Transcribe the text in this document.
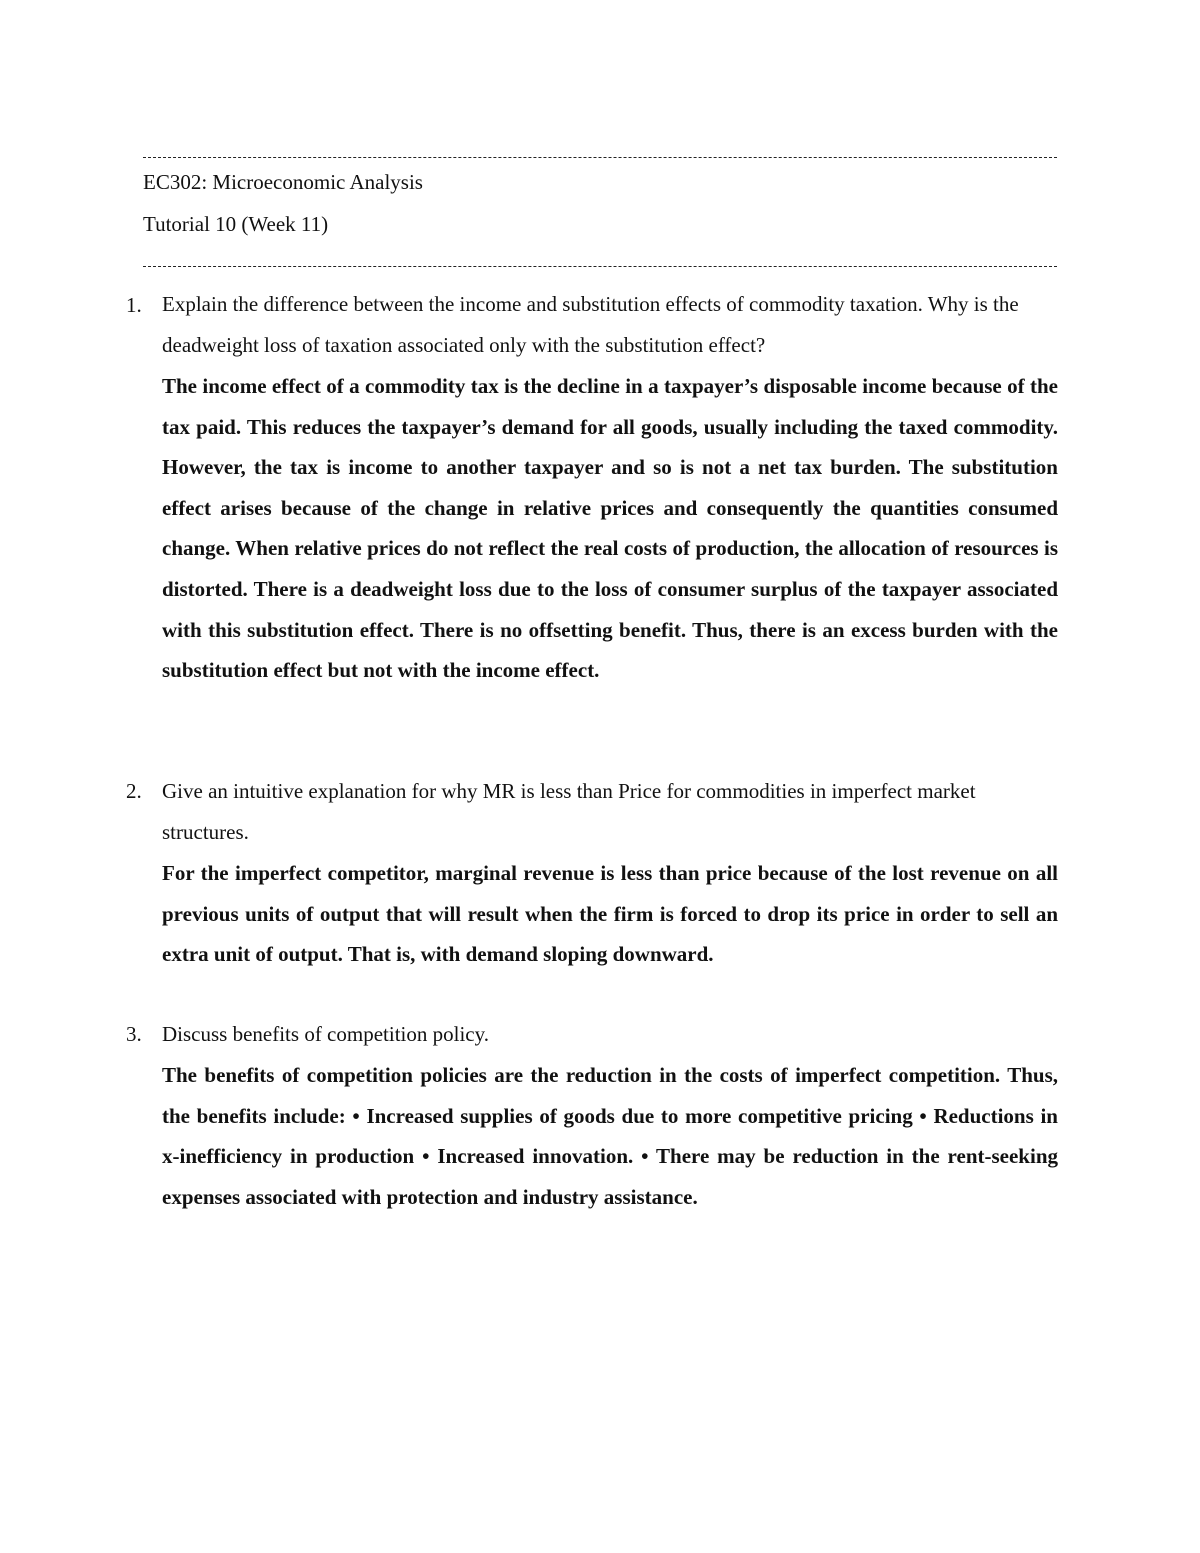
EC302: Microeconomic Analysis
Tutorial 10 (Week 11)
1. Explain the difference between the income and substitution effects of commodity taxation. Why is the deadweight loss of taxation associated only with the substitution effect?

The income effect of a commodity tax is the decline in a taxpayer’s disposable income because of the tax paid. This reduces the taxpayer’s demand for all goods, usually including the taxed commodity. However, the tax is income to another taxpayer and so is not a net tax burden. The substitution effect arises because of the change in relative prices and consequently the quantities consumed change. When relative prices do not reflect the real costs of production, the allocation of resources is distorted. There is a deadweight loss due to the loss of consumer surplus of the taxpayer associated with this substitution effect. There is no offsetting benefit. Thus, there is an excess burden with the substitution effect but not with the income effect.

2. Give an intuitive explanation for why MR is less than Price for commodities in imperfect market structures.

For the imperfect competitor, marginal revenue is less than price because of the lost revenue on all previous units of output that will result when the firm is forced to drop its price in order to sell an extra unit of output. That is, with demand sloping downward.

3. Discuss benefits of competition policy.

The benefits of competition policies are the reduction in the costs of imperfect competition. Thus, the benefits include: • Increased supplies of goods due to more competitive pricing • Reductions in x-inefficiency in production • Increased innovation. • There may be reduction in the rent-seeking expenses associated with protection and industry assistance.
